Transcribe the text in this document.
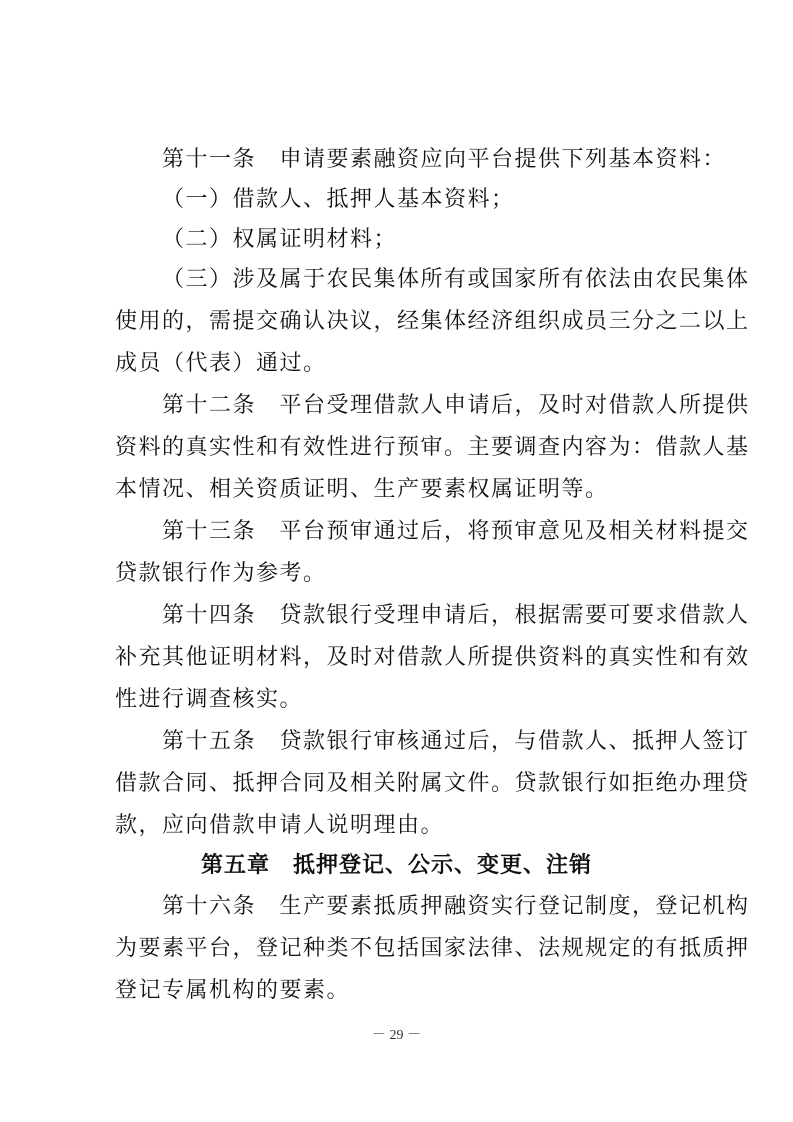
第十一条　申请要素融资应向平台提供下列基本资料：
（一）借款人、抵押人基本资料；
（二）权属证明材料；
（三）涉及属于农民集体所有或国家所有依法由农民集体
使用的，需提交确认决议，经集体经济组织成员三分之二以上
成员（代表）通过。
第十二条　平台受理借款人申请后，及时对借款人所提供
资料的真实性和有效性进行预审。主要调查内容为：借款人基
本情况、相关资质证明、生产要素权属证明等。
第十三条　平台预审通过后，将预审意见及相关材料提交
贷款银行作为参考。
第十四条　贷款银行受理申请后，根据需要可要求借款人
补充其他证明材料，及时对借款人所提供资料的真实性和有效
性进行调查核实。
第十五条　贷款银行审核通过后，与借款人、抵押人签订
借款合同、抵押合同及相关附属文件。贷款银行如拒绝办理贷
款，应向借款申请人说明理由。
第五章　抵押登记、公示、变更、注销
第十六条　生产要素抵质押融资实行登记制度，登记机构
为要素平台，登记种类不包括国家法律、法规规定的有抵质押
登记专属机构的要素。
－ 29 －
